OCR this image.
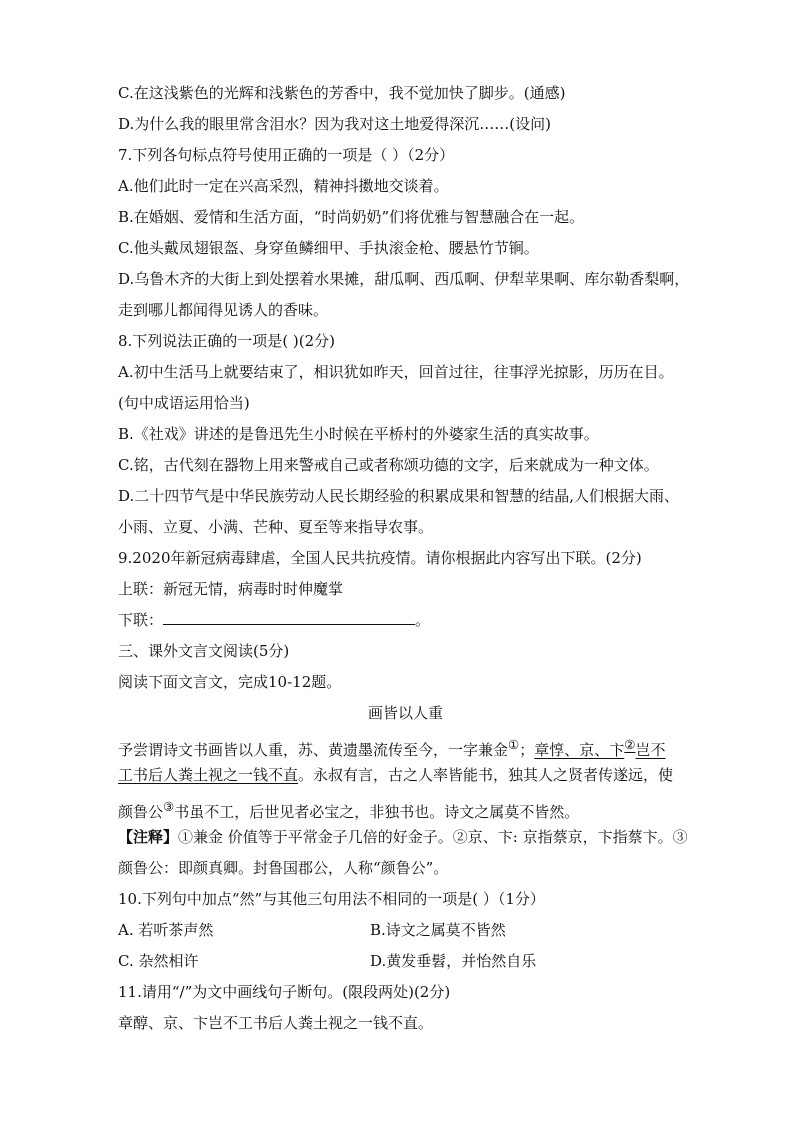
C.在这浅紫色的光辉和浅紫色的芳香中，我不觉加快了脚步。(通感)
D.为什么我的眼里常含泪水？因为我对这土地爱得深沉……(设问)
7.下列各句标点符号使用正确的一项是（ ）（2分）
A.他们此时一定在兴高采烈，精神抖擞地交谈着。
B.在婚姻、爱情和生活方面，“时尚奶奶”们将优雅与智慧融合在一起。
C.他头戴凤翅银盔、身穿鱼鳞细甲、手执滚金枪、腰悬竹节锏。
D.乌鲁木齐的大街上到处摆着水果摊，甜瓜啊、西瓜啊、伊犁苹果啊、库尔勒香梨啊，
走到哪儿都闻得见诱人的香味。
8.下列说法正确的一项是( )(2分)
A.初中生活马上就要结束了，相识犹如昨天，回首过往，往事浮光掠影，历历在目。
(句中成语运用恰当)
B.《社戏》讲述的是鲁迅先生小时候在平桥村的外婆家生活的真实故事。
C.铭，古代刻在器物上用来警戒自己或者称颂功德的文字，后来就成为一种文体。
D.二十四节气是中华民族劳动人民长期经验的积累成果和智慧的结晶,人们根据大雨、
小雨、立夏、小满、芒种、夏至等来指导农事。
9.2020年新冠病毒肆虐，全国人民共抗疫情。请你根据此内容写出下联。(2分)
上联：新冠无情，病毒时时伸魔掌
下联：	。
三、课外文言文阅读(5分)
阅读下面文言文，完成10-12题。
画皆以人重
予尝谓诗文书画皆以人重，苏、黄遗墨流传至今，一字兼金①；章惇、京、卞②岂不
工书后人粪土视之一钱不直。永叔有言，古之人率皆能书，独其人之贤者传遂远，使
颜鲁公③书虽不工，后世见者必宝之，非独书也。诗文之属莫不皆然。
【注释】①兼金 价值等于平常金子几倍的好金子。②京、卞: 京指蔡京，卞指蔡卞。③
颜鲁公：即颜真卿。封鲁国郡公，人称“颜鲁公”。
10.下列句中加点“然”与其他三句用法不相同的一项是( ）（1分）
A. 若听茶声然	B.诗文之属莫不皆然
C. 杂然相许	D.黄发垂髫，并怡然自乐
11.请用“/”为文中画线句子断句。(限段两处)(2分)
章醇、京、卞岂不工书后人粪土视之一钱不直。
